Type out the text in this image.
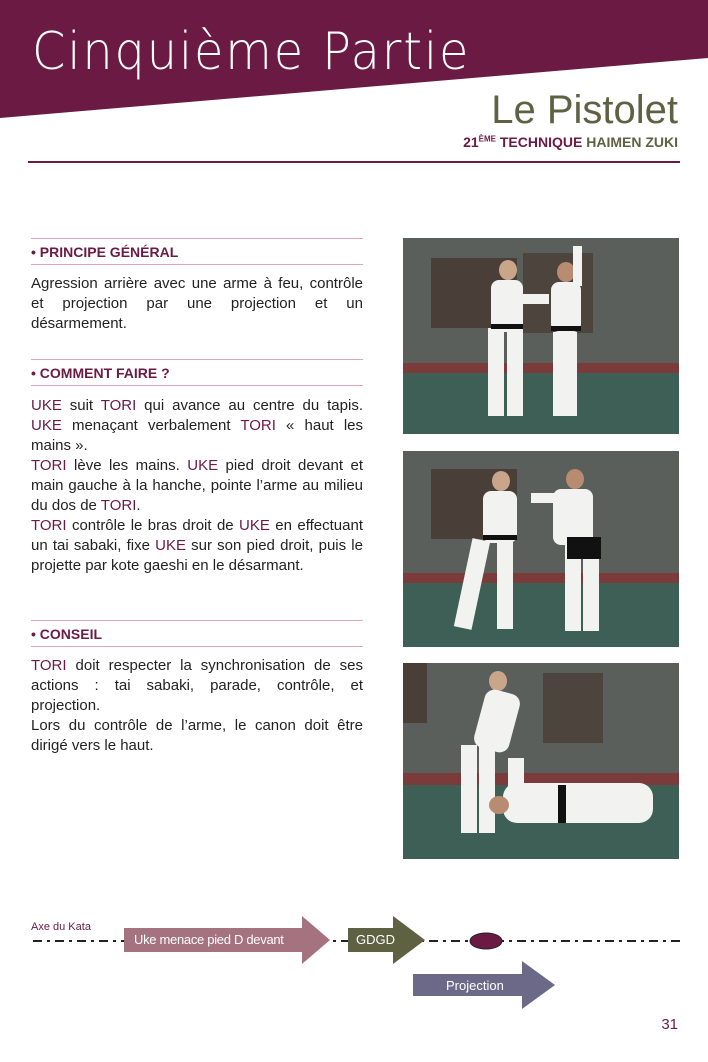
Cinquième Partie
Le Pistolet
21ÈME TECHNIQUE HAIMEN ZUKI
• PRINCIPE GÉNÉRAL
Agression arrière avec une arme à feu, contrôle et projection par une projection et un désarmement.
• COMMENT FAIRE ?
UKE suit TORI qui avance au centre du tapis. UKE menaçant verbalement TORI « haut les mains ».
TORI lève les mains. UKE pied droit devant et main gauche à la hanche, pointe l’arme au milieu du dos de TORI.
TORI contrôle le bras droit de UKE en effectuant un tai sabaki, fixe UKE sur son pied droit, puis le projette par kote gaeshi en le désarmant.
• CONSEIL
TORI doit respecter la synchronisation de ses actions : tai sabaki, parade, contrôle, et projection.
Lors du contrôle de l’arme, le canon doit être dirigé vers le haut.
Axe du Kata
Uke menace pied D devant	GDGD
Projection
31
